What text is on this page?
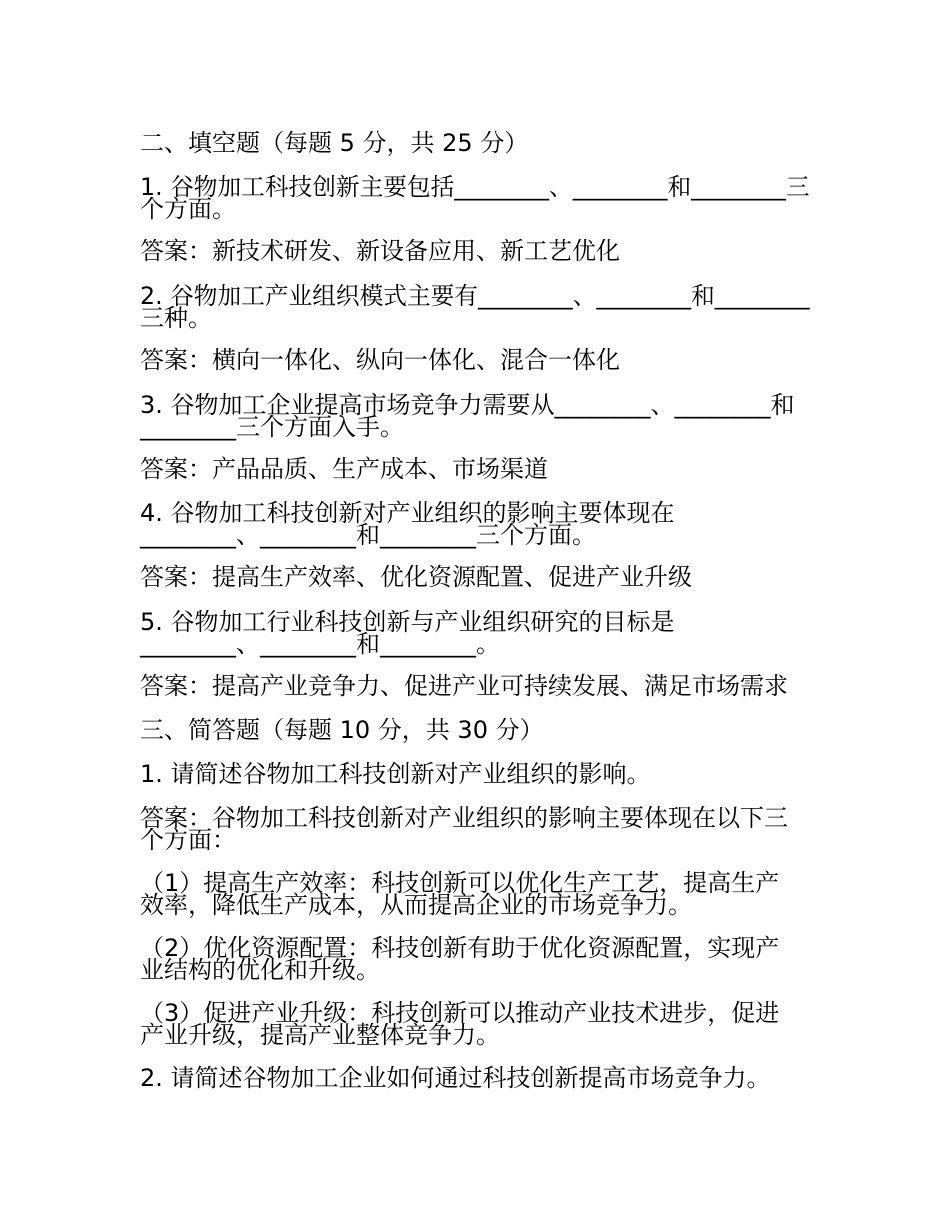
二、填空题（每题 5 分，共 25 分）
1. 谷物加工科技创新主要包括________、________和________三
个方面。
答案：新技术研发、新设备应用、新工艺优化
2. 谷物加工产业组织模式主要有________、________和________
三种。
答案：横向一体化、纵向一体化、混合一体化
3. 谷物加工企业提高市场竞争力需要从________、________和
________三个方面入手。
答案：产品品质、生产成本、市场渠道
4. 谷物加工科技创新对产业组织的影响主要体现在
________、________和________三个方面。
答案：提高生产效率、优化资源配置、促进产业升级
5. 谷物加工行业科技创新与产业组织研究的目标是
________、________和________。
答案：提高产业竞争力、促进产业可持续发展、满足市场需求
三、简答题（每题 10 分，共 30 分）
1. 请简述谷物加工科技创新对产业组织的影响。
答案：谷物加工科技创新对产业组织的影响主要体现在以下三
个方面：
（1）提高生产效率：科技创新可以优化生产工艺，提高生产
效率，降低生产成本，从而提高企业的市场竞争力。
（2）优化资源配置：科技创新有助于优化资源配置，实现产
业结构的优化和升级。
（3）促进产业升级：科技创新可以推动产业技术进步，促进
产业升级，提高产业整体竞争力。
2. 请简述谷物加工企业如何通过科技创新提高市场竞争力。
